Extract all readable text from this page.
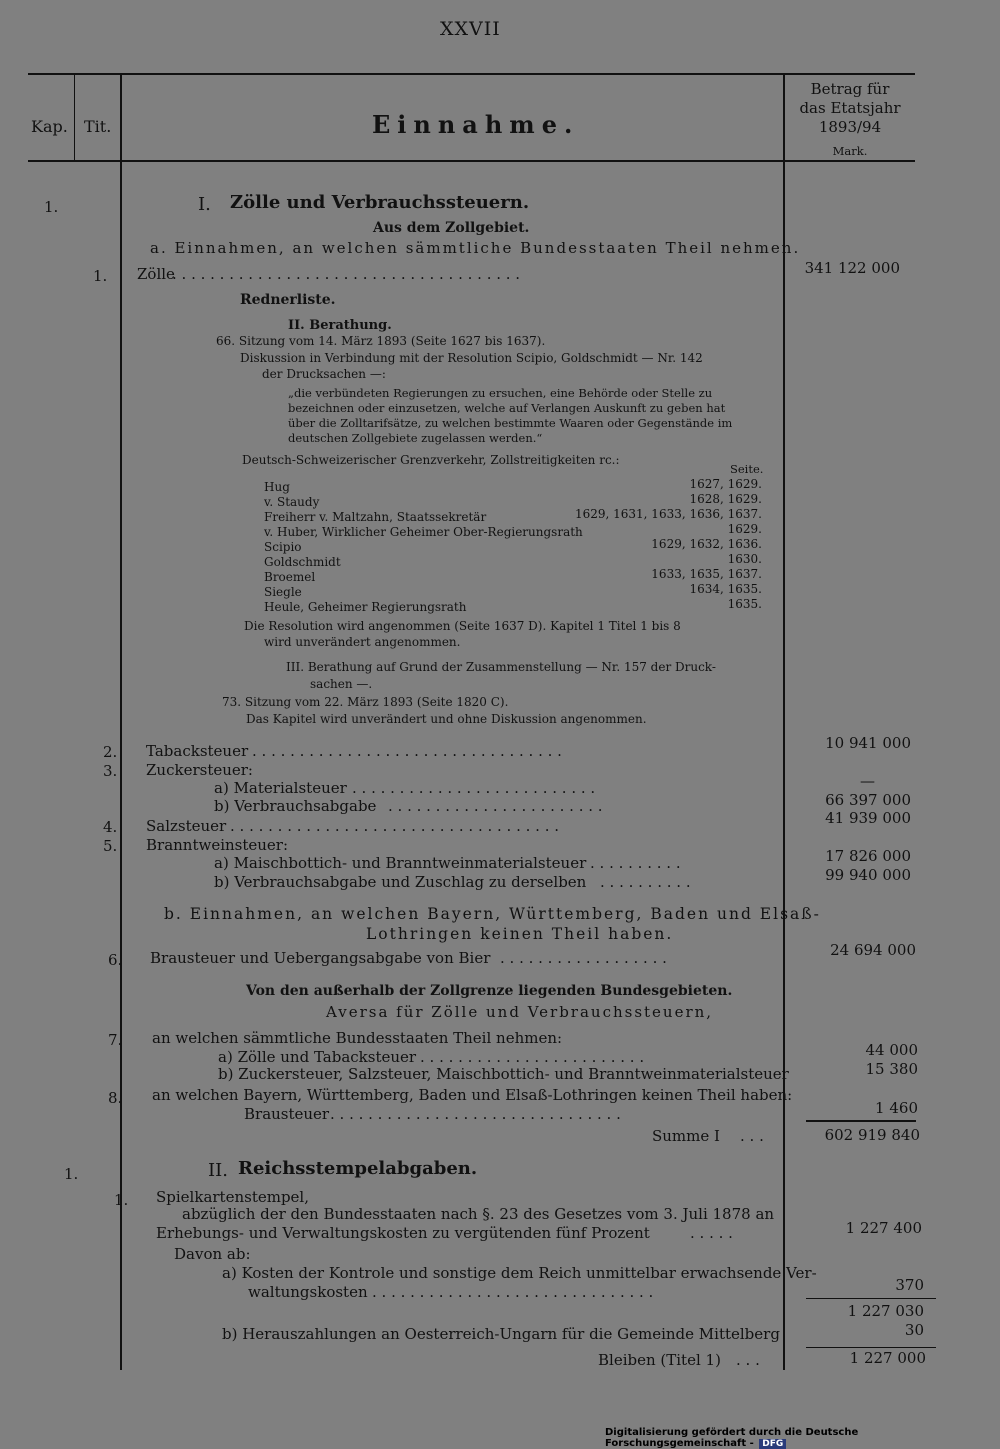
XXVII
Kap. Tit.	Einnahme.
Betrag für
das Etatsjahr
1893/94
Mark.
1.	I. Zölle und Verbrauchssteuern.
Aus dem Zollgebiet.
a. Einnahmen, an welchen sämmtliche Bundesstaaten Theil nehmen.
1. Zölle
. . . . . . . . . . . . . . . . . . . . . . . . . . . . . . . . . . . . .	341 122 000
Rednerliste.
II. Berathung.
66. Sitzung vom 14. März 1893 (Seite 1627 bis 1637).
Diskussion in Verbindung mit der Resolution Scipio, Goldschmidt — Nr. 142
der Drucksachen —:
„die verbündeten Regierungen zu ersuchen, eine Behörde oder Stelle zu
bezeichnen oder einzusetzen, welche auf Verlangen Auskunft zu geben hat
über die Zolltarifsätze, zu welchen bestimmte Waaren oder Gegenstände im
deutschen Zollgebiete zugelassen werden.“
Deutsch-Schweizerischer Grenzverkehr, Zollstreitigkeiten rc.:
Seite.
Hug	1627, 1629.
v. Staudy	1628, 1629.
Freiherr v. Maltzahn, Staatssekretär	1629, 1631, 1633, 1636, 1637.
v. Huber, Wirklicher Geheimer Ober-Regierungsrath	1629.
Scipio	1629, 1632, 1636.
Goldschmidt	1630.
Broemel	1633, 1635, 1637.
Siegle	1634, 1635.
Heule, Geheimer Regierungsrath	1635.
Die Resolution wird angenommen (Seite 1637 D). Kapitel 1 Titel 1 bis 8
wird unverändert angenommen.
III. Berathung auf Grund der Zusammenstellung — Nr. 157 der Druck-
sachen —.
73. Sitzung vom 22. März 1893 (Seite 1820 C).
Das Kapitel wird unverändert und ohne Diskussion angenommen.
2. Tabacksteuer . . . . . . . . . . . . . . . . . . . . . . . . . . . . . . . . .	10 941 000
3. Zuckersteuer:
a) Materialsteuer . . . . . . . . . . . . . . . . . . . . . . . . . .	—
b) Verbrauchsabgabe . . . . . . . . . . . . . . . . . . . . . . .	66 397 000
4. Salzsteuer . . . . . . . . . . . . . . . . . . . . . . . . . . . . . . . . . . .	41 939 000
5. Branntweinsteuer:
a) Maischbottich- und Branntweinmaterialsteuer . . . . . . . . . .	17 826 000
b) Verbrauchsabgabe und Zuschlag zu derselben . . . . . . . . . .	99 940 000
b. Einnahmen, an welchen Bayern, Württemberg, Baden und Elsaß-
Lothringen keinen Theil haben.
6. Brausteuer und Uebergangsabgabe von Bier . . . . . . . . . . . . . . . . . .	24 694 000
Von den außerhalb der Zollgrenze liegenden Bundesgebieten.
Aversa für Zölle und Verbrauchssteuern,
7. an welchen sämmtliche Bundesstaaten Theil nehmen:
a) Zölle und Tabacksteuer . . . . . . . . . . . . . . . . . . . . . . . .	44 000
b) Zuckersteuer, Salzsteuer, Maischbottich- und Branntweinmaterialsteuer	15 380
8. an welchen Bayern, Württemberg, Baden und Elsaß-Lothringen keinen Theil haben:
Brausteuer . . . . . . . . . . . . . . . . . . . . . . . . . . . . . . .	1 460
Summe I . . .	602 919 840
1.	II. Reichsstempelabgaben.
1. Spielkartenstempel,
abzüglich der den Bundesstaaten nach §. 23 des Gesetzes vom 3. Juli 1878 an
Erhebungs- und Verwaltungskosten zu vergütenden fünf Prozent	. . . . .	1 227 400
Davon ab:
a) Kosten der Kontrole und sonstige dem Reich unmittelbar erwachsende Ver-
waltungskosten . . . . . . . . . . . . . . . . . . . . . . . . . . . . . .	370
1 227 030
b) Herauszahlungen an Oesterreich-Ungarn für die Gemeinde Mittelberg	30
Bleiben (Titel 1) . . .	1 227 000
Digitalisierung gefördert durch die Deutsche Forschungsgemeinschaft - DFG
